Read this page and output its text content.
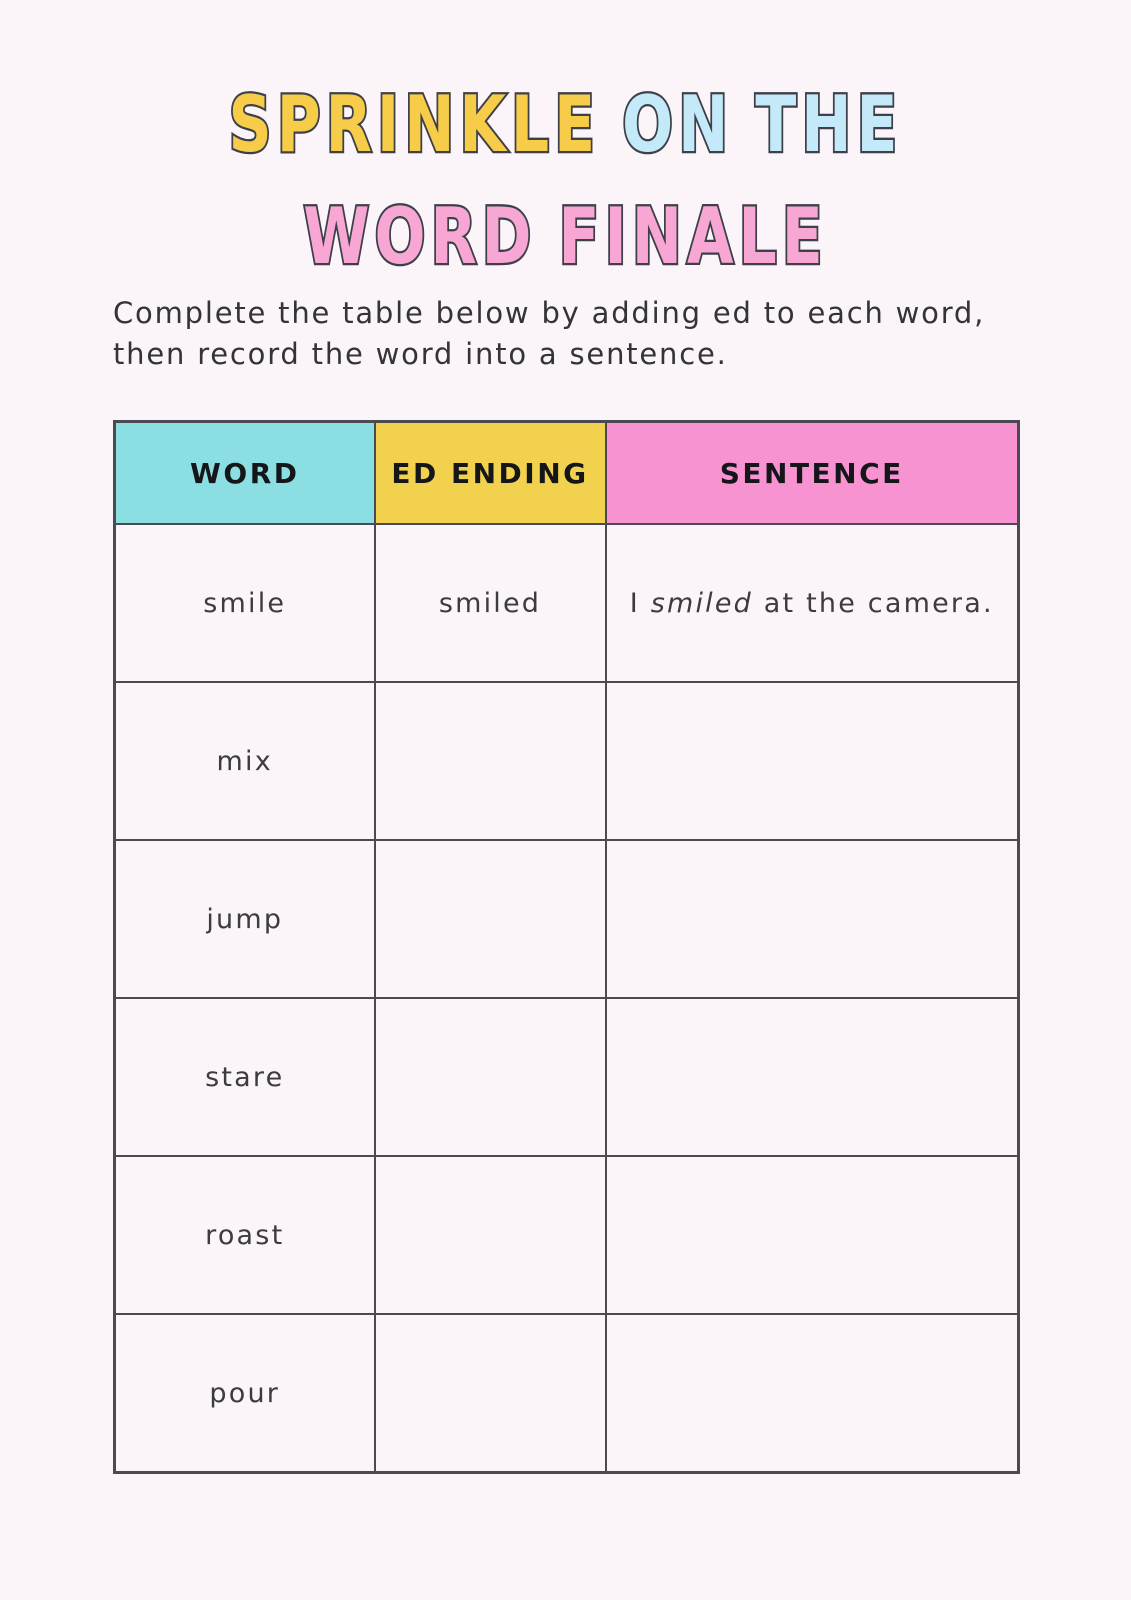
SPRINKLE ON THE
WORD FINALE

Complete the table below by adding ed to each word, then record the word into a sentence.

WORD	ED ENDING	SENTENCE
smile	smiled	I smiled at the camera.
mix		
jump		
stare		
roast		
pour		
